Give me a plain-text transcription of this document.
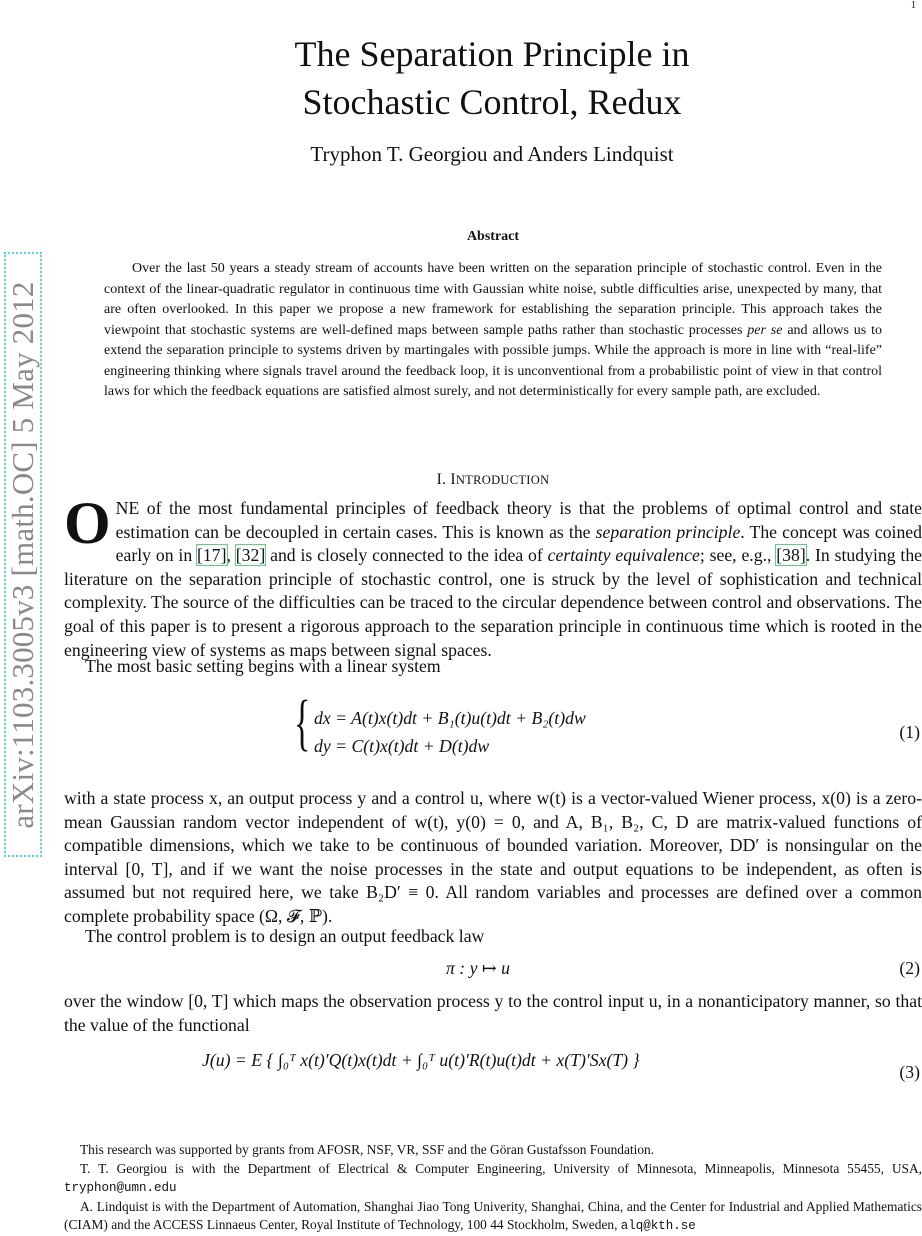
1
arXiv:1103.3005v3 [math.OC] 5 May 2012
The Separation Principle in
Stochastic Control, Redux
Tryphon T. Georgiou and Anders Lindquist
Abstract
Over the last 50 years a steady stream of accounts have been written on the separation principle of stochastic control. Even in the context of the linear-quadratic regulator in continuous time with Gaussian white noise, subtle difficulties arise, unexpected by many, that are often overlooked. In this paper we propose a new framework for establishing the separation principle. This approach takes the viewpoint that stochastic systems are well-defined maps between sample paths rather than stochastic processes per se and allows us to extend the separation principle to systems driven by martingales with possible jumps. While the approach is more in line with “real-life” engineering thinking where signals travel around the feedback loop, it is unconventional from a probabilistic point of view in that control laws for which the feedback equations are satisfied almost surely, and not deterministically for every sample path, are excluded.
I. INTRODUCTION
ONE of the most fundamental principles of feedback theory is that the problems of optimal control and state estimation can be decoupled in certain cases. This is known as the separation principle. The concept was coined early on in [17], [32] and is closely connected to the idea of certainty equivalence; see, e.g., [38]. In studying the literature on the separation principle of stochastic control, one is struck by the level of sophistication and technical complexity. The source of the difficulties can be traced to the circular dependence between control and observations. The goal of this paper is to present a rigorous approach to the separation principle in continuous time which is rooted in the engineering view of systems as maps between signal spaces.
The most basic setting begins with a linear system
{ dx = A(t)x(t)dt + B₁(t)u(t)dt + B₂(t)dw
dy = C(t)x(t)dt + D(t)dw
(1)
with a state process x, an output process y and a control u, where w(t) is a vector-valued Wiener process, x(0) is a zero-mean Gaussian random vector independent of w(t), y(0) = 0, and A, B₁, B₂, C, D are matrix-valued functions of compatible dimensions, which we take to be continuous of bounded variation. Moreover, DD′ is nonsingular on the interval [0, T], and if we want the noise processes in the state and output equations to be independent, as often is assumed but not required here, we take B₂D′ ≡ 0. All random variables and processes are defined over a common complete probability space (Ω, 𝓕, ℙ).
The control problem is to design an output feedback law
π : y ↦ u	(2)
over the window [0, T] which maps the observation process y to the control input u, in a nonanticipatory manner, so that the value of the functional
J(u) = E { ∫₀ᵀ x(t)′Q(t)x(t)dt + ∫₀ᵀ u(t)′R(t)u(t)dt + x(T)′Sx(T) }
(3)
This research was supported by grants from AFOSR, NSF, VR, SSF and the Göran Gustafsson Foundation.
T. T. Georgiou is with the Department of Electrical & Computer Engineering, University of Minnesota, Minneapolis, Minnesota 55455, USA, tryphon@umn.edu
A. Lindquist is with the Department of Automation, Shanghai Jiao Tong Univerity, Shanghai, China, and the Center for Industrial and Applied Mathematics (CIAM) and the ACCESS Linnaeus Center, Royal Institute of Technology, 100 44 Stockholm, Sweden, alq@kth.se
